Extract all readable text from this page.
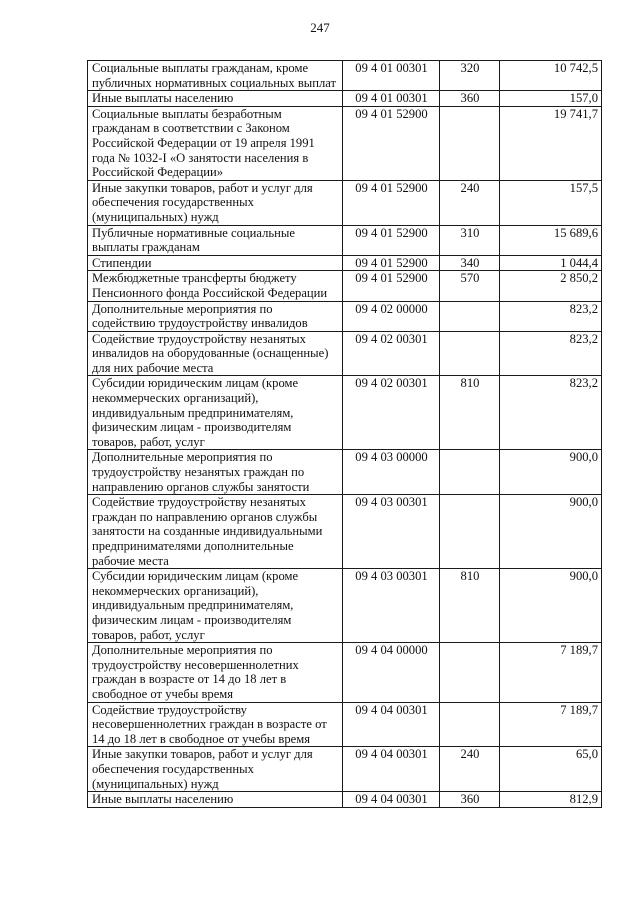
247
Социальные выплаты гражданам, кроме публичных нормативных социальных выплат	09 4 01 00301	320	10 742,5
Иные выплаты населению	09 4 01 00301	360	157,0
Социальные выплаты безработным гражданам в соответствии с Законом Российской Федерации от 19 апреля 1991 года № 1032-I «О занятости населения в Российской Федерации»	09 4 01 52900		19 741,7
Иные закупки товаров, работ и услуг для обеспечения государственных (муниципальных) нужд	09 4 01 52900	240	157,5
Публичные нормативные социальные выплаты гражданам	09 4 01 52900	310	15 689,6
Стипендии	09 4 01 52900	340	1 044,4
Межбюджетные трансферты бюджету Пенсионного фонда Российской Федерации	09 4 01 52900	570	2 850,2
Дополнительные мероприятия по содействию трудоустройству инвалидов	09 4 02 00000		823,2
Содействие трудоустройству незанятых инвалидов на оборудованные (оснащенные) для них рабочие места	09 4 02 00301		823,2
Субсидии юридическим лицам (кроме некоммерческих организаций), индивидуальным предпринимателям, физическим лицам - производителям товаров, работ, услуг	09 4 02 00301	810	823,2
Дополнительные мероприятия по трудоустройству незанятых граждан по направлению органов службы занятости	09 4 03 00000		900,0
Содействие трудоустройству незанятых граждан по направлению органов службы занятости на созданные индивидуальными предпринимателями дополнительные рабочие места	09 4 03 00301		900,0
Субсидии юридическим лицам (кроме некоммерческих организаций), индивидуальным предпринимателям, физическим лицам - производителям товаров, работ, услуг	09 4 03 00301	810	900,0
Дополнительные мероприятия по трудоустройству несовершеннолетних граждан в возрасте от 14 до 18 лет в свободное от учебы время	09 4 04 00000		7 189,7
Содействие трудоустройству несовершеннолетних граждан в возрасте от 14 до 18 лет в свободное от учебы время	09 4 04 00301		7 189,7
Иные закупки товаров, работ и услуг для обеспечения государственных (муниципальных) нужд	09 4 04 00301	240	65,0
Иные выплаты населению	09 4 04 00301	360	812,9
